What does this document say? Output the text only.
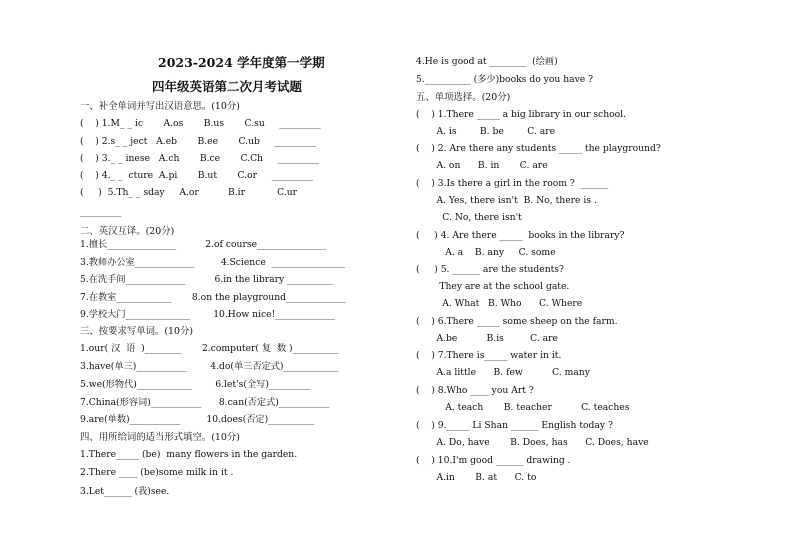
2023-2024 学年度第一学期
四年级英语第二次月考试题
一、补全单词并写出汉语意思。(10分)
(    ) 1.M_ _ ic       A.os       B.us       C.su     _________
(    ) 2.s_ _ ject   A.eb       B.ee       C.ub     _________
(    ) 3._ _ inese   A.ch       B.ce       C.Ch     _________
(    ) 4._ _  cture  A.pi       B.ut       C.or     _________
(     )  5.Th_ _ sday     A.or          B.ir           C.ur
_________
二、英汉互译。(20分)
1.擅长_______________          2.of course_______________
3.教师办公室_____________         4.Science  ________________
5.在洗手间_____________          6.in the library __________
7.在教室____________       8.on the playground_____________
9.学校大门______________        10.How nice!_____________
三、按要求写单词。(10分)
1.our( 汉  语  )________       2.computer( 复  数 )__________
3.have(单三)___________        4.do(单三否定式)____________
5.we(形物代)____________        6.let's(全写)_________
7.China(形容词)___________      8.can(否定式)___________
9.are(单数)___________         10.does(否定)__________
四、用所给词的适当形式填空。(10分)
1.There_____ (be)  many flowers in the garden.
2.There ____ (be)some milk in it .
3.Let______ (我)see.
4.He is good at ________  (绘画)
5.__________ (多少)books do you have ?
五、单项选择。(20分)
(    ) 1.There _____ a big library in our school.
A. is        B. be        C. are
(    ) 2. Are there any students _____ the playground?
A. on      B. in       C. are
(    ) 3.Is there a girl in the room ?  ______
A. Yes, there isn't  B. No, there is .
C. No, there isn't
(     ) 4. Are there _____  books in the library?
A. a    B. any     C. some
(     ) 5. ______ are the students?
They are at the school gate.
A. What   B. Who      C. Where
(    ) 6.There _____ some sheep on the farm.
A.be          B.is         C. are
(    ) 7.There is_____ water in it.
A.a little      B. few          C. many
(    ) 8.Who ____ you Art ?
A. teach       B. teacher          C. teaches
(    ) 9._____ Li Shan ______ English today ?
A. Do, have       B. Does, has      C. Does, have
(    ) 10.I'm good ______ drawing .
A.in       B. at      C. to
